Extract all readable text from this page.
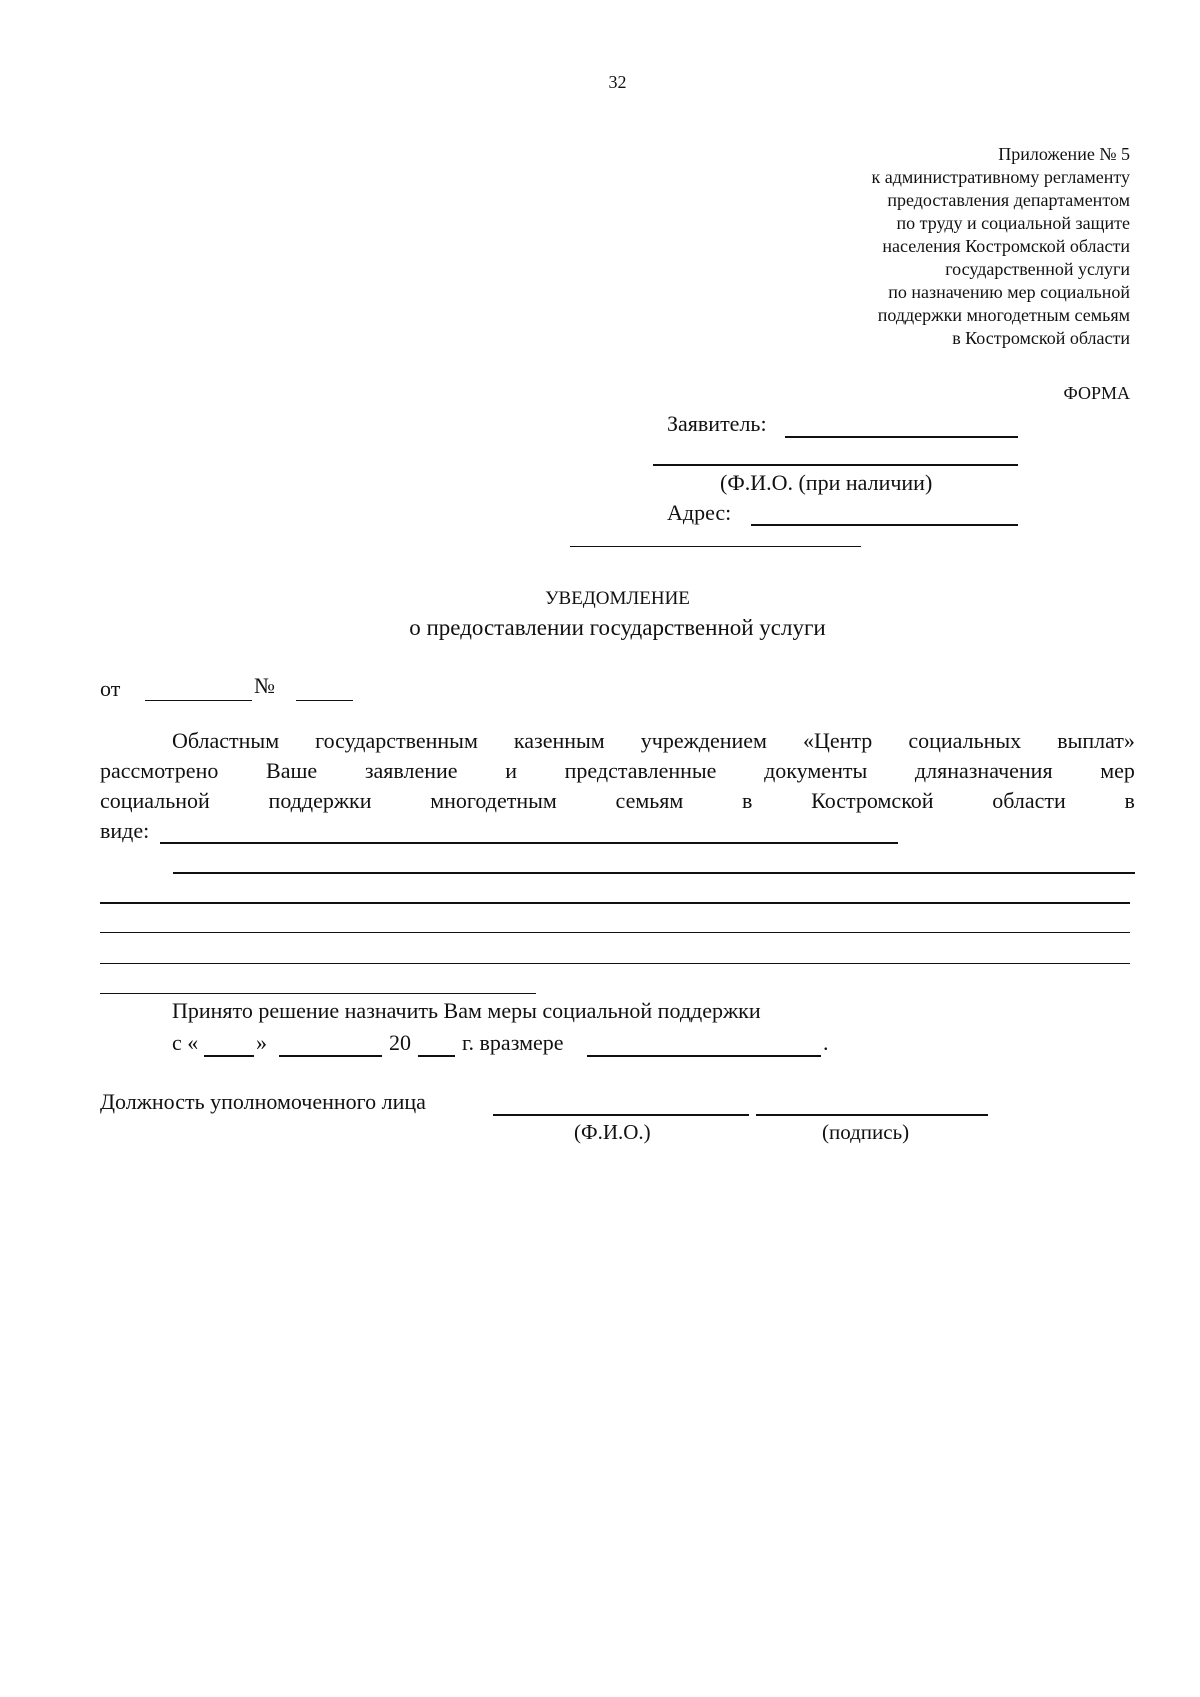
32
Приложение № 5
к административному регламенту
предоставления департаментом
по труду и социальной защите
населения Костромской области
государственной услуги
по назначению мер социальной
поддержки многодетным семьям
в Костромской области
ФОРМА
Заявитель:
(Ф.И.О. (при наличии)
Адрес:
УВЕДОМЛЕНИЕ
о предоставлении государственной услуги
от	№
Областным государственным казенным учреждением «Центр социальных выплат»
рассмотрено Ваше заявление и представленные документы дляназначения мер
социальной	поддержки	многодетным	семьям	в	Костромской	области	в
виде:
Принято решение назначить Вам меры социальной поддержки
с «	»	20 г. вразмере	.
Должность уполномоченного лица
(Ф.И.О.)	(подпись)
